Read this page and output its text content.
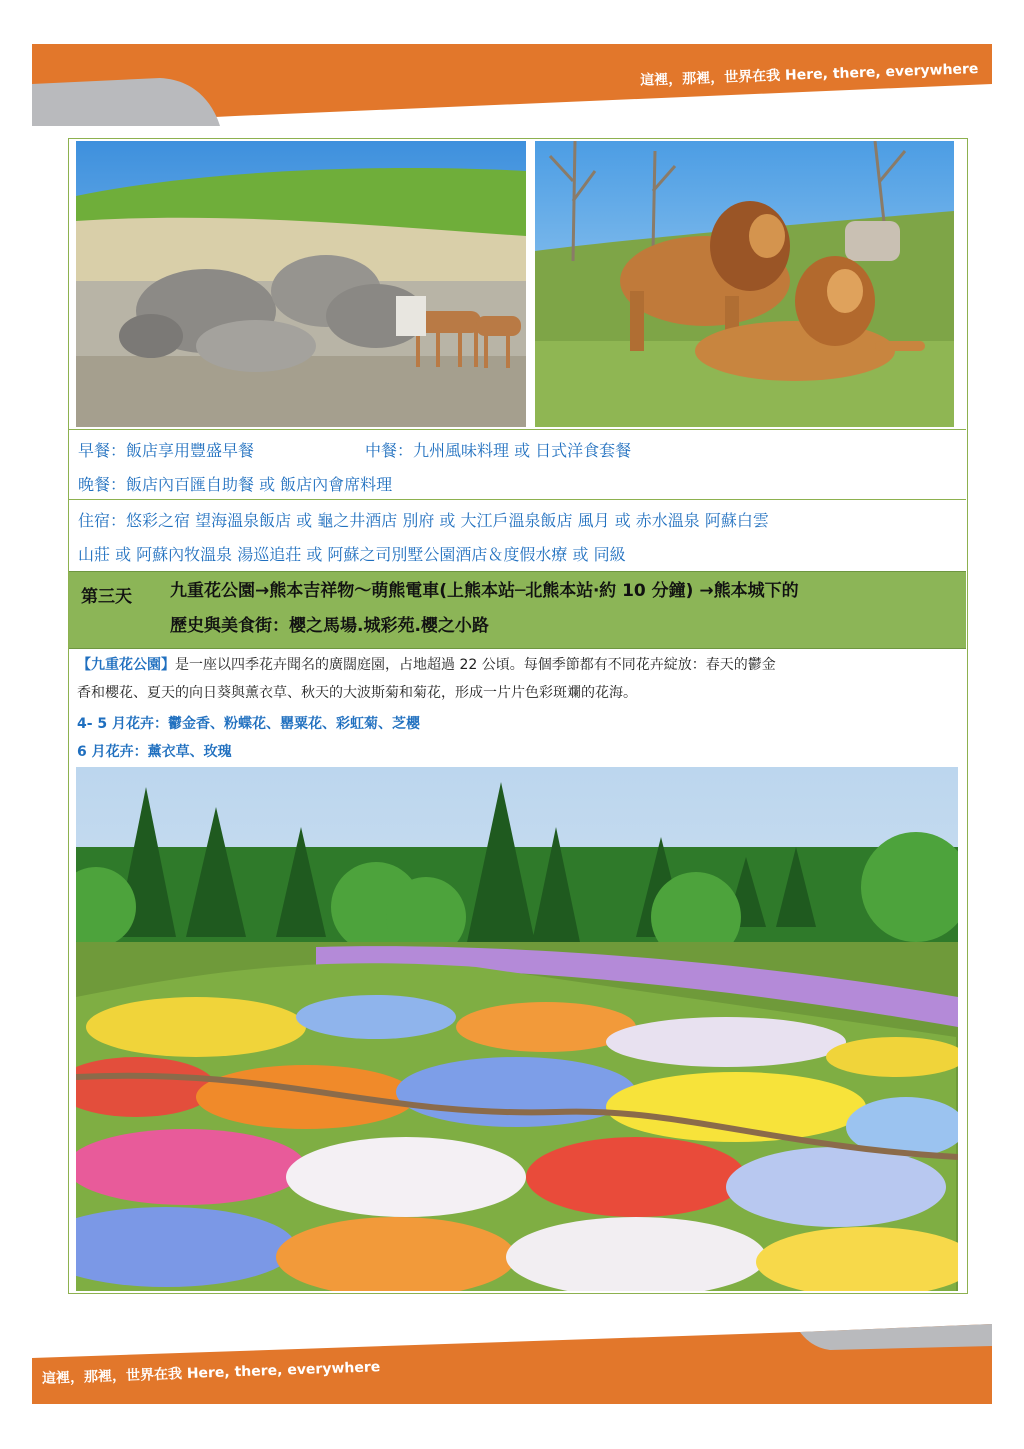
這裡，那裡，世界在我 Here, there, everywhere
早餐：飯店享用豐盛早餐	中餐：九州風味料理 或 日式洋食套餐
晚餐：飯店內百匯自助餐 或 飯店內會席料理
住宿：悠彩之宿 望海溫泉飯店 或 龜之井酒店 別府 或 大江戶溫泉飯店 風月 或 赤水溫泉 阿蘇白雲
山莊 或 阿蘇內牧溫泉 湯巡追荘 或 阿蘇之司別墅公園酒店＆度假水療 或 同級
第三天 九重花公園→熊本吉祥物～萌熊電車(上熊本站─北熊本站‧約 10 分鐘) →熊本城下的
歷史與美食街：櫻之馬場.城彩苑.櫻之小路
【九重花公園】是一座以四季花卉聞名的廣闊庭園，占地超過 22 公頃。每個季節都有不同花卉綻放：春天的鬱金
香和櫻花、夏天的向日葵與薰衣草、秋天的大波斯菊和菊花，形成一片片色彩斑斕的花海。
4- 5 月花卉：鬱金香、粉蝶花、罌粟花、彩虹菊、芝櫻
6 月花卉：薰衣草、玫瑰
這裡，那裡，世界在我 Here, there, everywhere
